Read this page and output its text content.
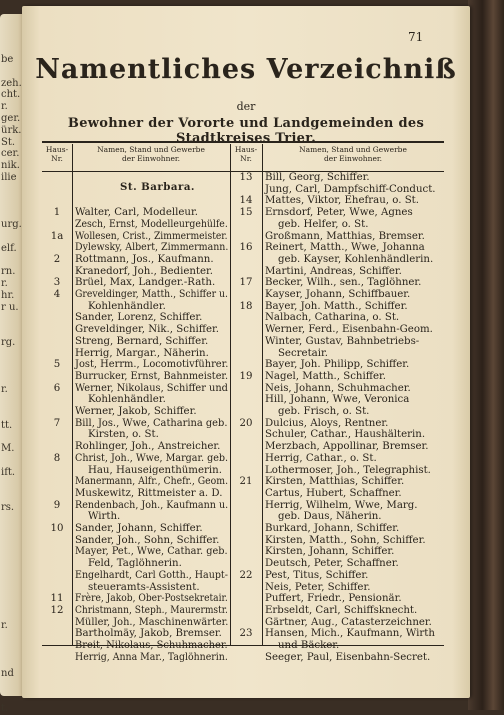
be
zeh.
cht.
r.
ger.
ürk.
St.
cer.
nik.
ilie
urg.
elf.
rn.
r.
hr.
r u.
rg.
r.
tt.
M.
ift.
rs.
r.
nd
t.
71
Namentliches Verzeichniß
der
Bewohner der Vororte und Landgemeinden des Stadtkreises Trier.
Haus-
Nr.
Namen, Stand und Gewerbe
der Einwohner.
Haus-
Nr.
Namen, Stand und Gewerbe
der Einwohner.
St. Barbara.
1	Walter, Carl, Modelleur.
Zesch, Ernst, Modelleurgehülfe.
1a	Wollesen, Crist., Zimmermeister.
Dylewsky, Albert, Zimmermann.
2	Rottmann, Jos., Kaufmann.
Kranedorf, Joh., Bedienter.
3	Brüel, Max, Landger.-Rath.
4	Greveldinger, Matth., Schiffer u.
Kohlenhändler.
Sander, Lorenz, Schiffer.
Greveldinger, Nik., Schiffer.
Streng, Bernard, Schiffer.
Herrig, Margar., Näherin.
5	Jost, Herrm., Locomotivführer.
Burrucker, Ernst, Bahnmeister.
6	Werner, Nikolaus, Schiffer und
Kohlenhändler.
Werner, Jakob, Schiffer.
7	Bill, Jos., Wwe, Catharina geb.
Kirsten, o. St.
Rohlinger, Joh., Anstreicher.
8	Christ, Joh., Wwe, Margar. geb.
Hau, Hauseigenthümerin.
Manermann, Alfr., Chefr., Geom.
Muskewitz, Rittmeister a. D.
9	Rendenbach, Joh., Kaufmann u.
Wirth.
10	Sander, Johann, Schiffer.
Sander, Joh., Sohn, Schiffer.
Mayer, Pet., Wwe, Cathar. geb.
Feld, Taglöhnerin.
Engelhardt, Carl Gotth., Haupt-
steueramts-Assistent.
11	Frère, Jakob, Ober-Postsekretair.
12	Christmann, Steph., Maurermstr.
Müller, Joh., Maschinenwärter.
Bartholmäy, Jakob, Bremser.
Breit, Nikolaus, Schuhmacher.
Herrig, Anna Mar., Taglöhnerin.
13	Bill, Georg, Schiffer.
Jung, Carl, Dampfschiff-Conduct.
14	Mattes, Viktor, Ehefrau, o. St.
15	Ernsdorf, Peter, Wwe, Agnes
geb. Helfer, o. St.
Großmann, Matthias, Bremser.
16	Reinert, Matth., Wwe, Johanna
geb. Kayser, Kohlenhändlerin.
Martini, Andreas, Schiffer.
17	Becker, Wilh., sen., Taglöhner.
Kayser, Johann, Schiffbauer.
18	Bayer, Joh. Matth., Schiffer.
Nalbach, Catharina, o. St.
Werner, Ferd., Eisenbahn-Geom.
Winter, Gustav, Bahnbetriebs-
Secretair.
Bayer, Joh. Philipp, Schiffer.
19	Nagel, Matth., Schiffer.
Neis, Johann, Schuhmacher.
Hill, Johann, Wwe, Veronica
geb. Frisch, o. St.
20	Dulcius, Aloys, Rentner.
Schuler, Cathar., Haushälterin.
Merzbach, Appollinar, Bremser.
Herrig, Cathar., o. St.
Lothermoser, Joh., Telegraphist.
21	Kirsten, Matthias, Schiffer.
Cartus, Hubert, Schaffner.
Herrig, Wilhelm, Wwe, Marg.
geb. Daus, Näherin.
Burkard, Johann, Schiffer.
Kirsten, Matth., Sohn, Schiffer.
Kirsten, Johann, Schiffer.
Deutsch, Peter, Schaffner.
22	Pest, Titus, Schiffer.
Neis, Peter, Schiffer.
Puffert, Friedr., Pensionär.
Erbseldt, Carl, Schiffsknecht.
Gärtner, Aug., Catasterzeichner.
23	Hansen, Mich., Kaufmann, Wirth
und Bäcker.
Seeger, Paul, Eisenbahn-Secret.
